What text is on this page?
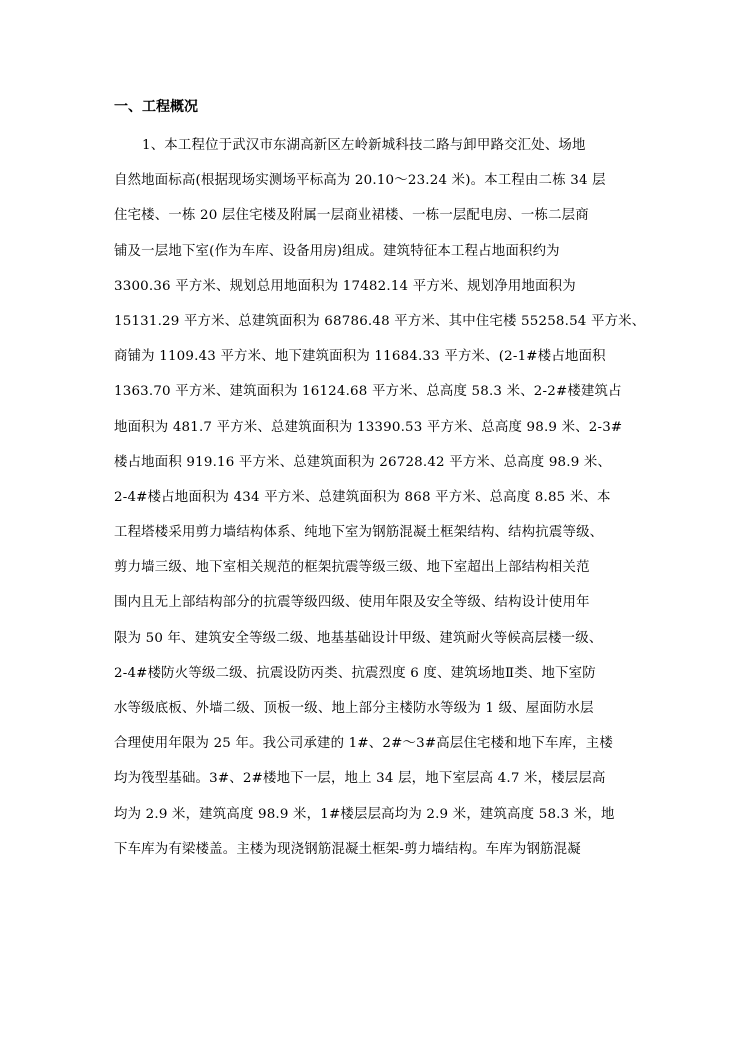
一、工程概况
1、本工程位于武汉市东湖高新区左岭新城科技二路与卸甲路交汇处、场地
自然地面标高(根据现场实测场平标高为 20.10～23.24 米)。本工程由二栋 34 层
住宅楼、一栋 20 层住宅楼及附属一层商业裙楼、一栋一层配电房、一栋二层商
铺及一层地下室(作为车库、设备用房)组成。建筑特征本工程占地面积约为
3300.36 平方米、规划总用地面积为 17482.14 平方米、规划净用地面积为
15131.29 平方米、总建筑面积为 68786.48 平方米、其中住宅楼 55258.54 平方米、
商铺为 1109.43 平方米、地下建筑面积为 11684.33 平方米、(2-1#楼占地面积
1363.70 平方米、建筑面积为 16124.68 平方米、总高度 58.3 米、2-2#楼建筑占
地面积为 481.7 平方米、总建筑面积为 13390.53 平方米、总高度 98.9 米、2-3#
楼占地面积 919.16 平方米、总建筑面积为 26728.42 平方米、总高度 98.9 米、
2-4#楼占地面积为 434 平方米、总建筑面积为 868 平方米、总高度 8.85 米、本
工程塔楼采用剪力墙结构体系、纯地下室为钢筋混凝土框架结构、结构抗震等级、
剪力墙三级、地下室相关规范的框架抗震等级三级、地下室超出上部结构相关范
围内且无上部结构部分的抗震等级四级、使用年限及安全等级、结构设计使用年
限为 50 年、建筑安全等级二级、地基基础设计甲级、建筑耐火等候高层楼一级、
2-4#楼防火等级二级、抗震设防丙类、抗震烈度 6 度、建筑场地Ⅱ类、地下室防
水等级底板、外墙二级、顶板一级、地上部分主楼防水等级为 1 级、屋面防水层
合理使用年限为 25 年。我公司承建的 1#、2#～3#高层住宅楼和地下车库，主楼
均为筏型基础。3#、2#楼地下一层，地上 34 层，地下室层高 4.7 米，楼层层高
均为 2.9 米，建筑高度 98.9 米，1#楼层层高均为 2.9 米，建筑高度 58.3 米，地
下车库为有梁楼盖。主楼为现浇钢筋混凝土框架-剪力墙结构。车库为钢筋混凝
